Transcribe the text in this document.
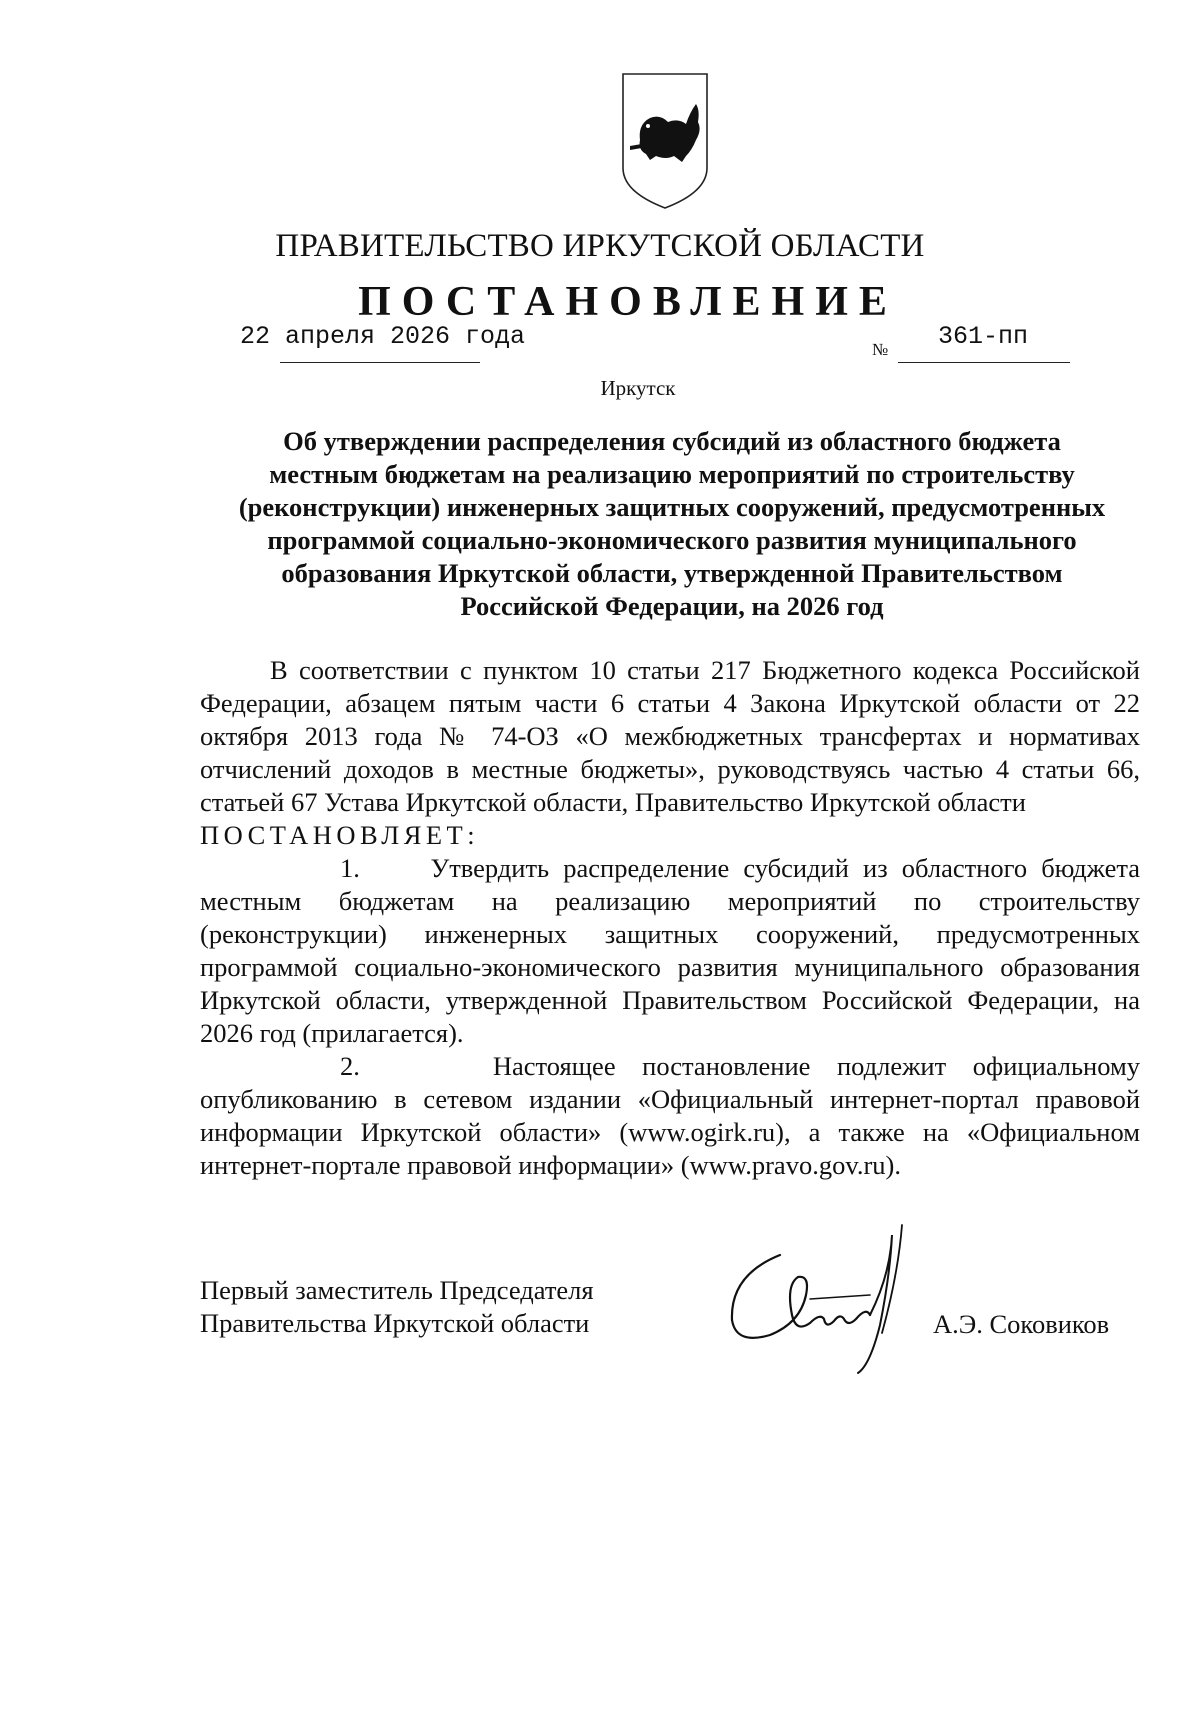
ПРАВИТЕЛЬСТВО ИРКУТСКОЙ ОБЛАСТИ
ПОСТАНОВЛЕНИЕ
22 апреля 2026 года	№ 361-пп
Иркутск
Об утверждении распределения субсидий из областного бюджета
местным бюджетам на реализацию мероприятий по строительству
(реконструкции) инженерных защитных сооружений, предусмотренных
программой социально-экономического развития муниципального
образования Иркутской области, утвержденной Правительством
Российской Федерации, на 2026 год

В соответствии с пунктом 10 статьи 217 Бюджетного кодекса Российской Федерации, абзацем пятым части 6 статьи 4 Закона Иркутской области от 22 октября 2013 года № 74-ОЗ «О межбюджетных трансфертах и нормативах отчислений доходов в местные бюджеты», руководствуясь частью 4 статьи 66, статьей 67 Устава Иркутской области, Правительство Иркутской области

ПОСТАНОВЛЯЕТ:

1.	Утвердить распределение субсидий из областного бюджета местным бюджетам на реализацию мероприятий по строительству (реконструкции) инженерных защитных сооружений, предусмотренных программой социально-экономического развития муниципального образования Иркутской области, утвержденной Правительством Российской Федерации, на 2026 год (прилагается).

2.	Настоящее постановление подлежит официальному опубликованию в сетевом издании «Официальный интернет-портал правовой информации Иркутской области» (www.ogirk.ru), а также на «Официальном интернет-портале правовой информации» (www.pravo.gov.ru).

Первый заместитель Председателя
Правительства Иркутской области	А.Э. Соковиков
